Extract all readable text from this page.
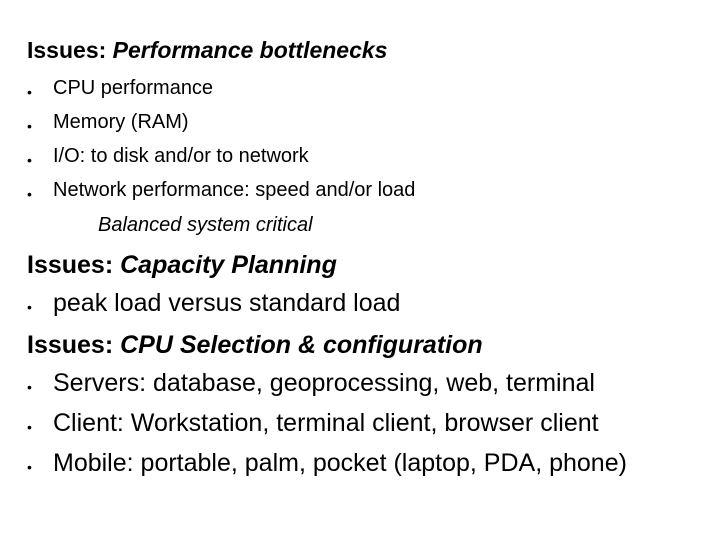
Issues: Performance bottlenecks
• CPU performance
• Memory (RAM)
• I/O: to disk and/or to network
• Network performance: speed and/or load
Balanced system critical
Issues: Capacity Planning
• peak load versus standard load
Issues: CPU Selection & configuration
• Servers: database, geoprocessing, web, terminal
• Client: Workstation, terminal client, browser client
• Mobile: portable, palm, pocket (laptop, PDA, phone)
